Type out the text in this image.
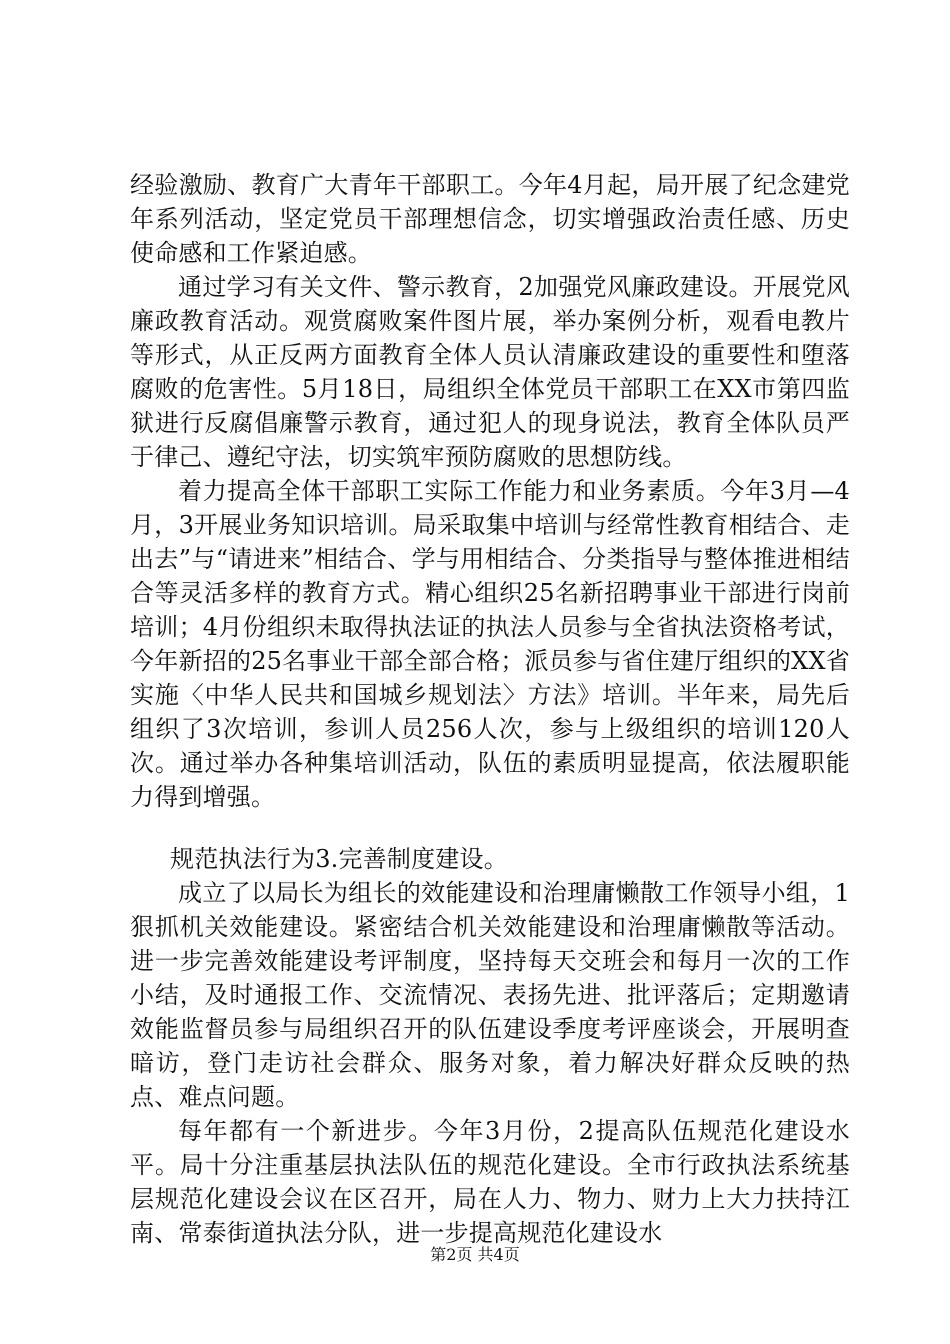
经验激励、教育广大青年干部职工。今年4月起，局开展了纪念建党年系列活动，坚定党员干部理想信念，切实增强政治责任感、历史使命感和工作紧迫感。

通过学习有关文件、警示教育，2加强党风廉政建设。开展党风廉政教育活动。观赏腐败案件图片展，举办案例分析，观看电教片等形式，从正反两方面教育全体人员认清廉政建设的重要性和堕落腐败的危害性。5月18日，局组织全体党员干部职工在XX市第四监狱进行反腐倡廉警示教育，通过犯人的现身说法，教育全体队员严于律己、遵纪守法，切实筑牢预防腐败的思想防线。

着力提高全体干部职工实际工作能力和业务素质。今年3月—4月，3开展业务知识培训。局采取集中培训与经常性教育相结合、走出去”与“请进来”相结合、学与用相结合、分类指导与整体推进相结合等灵活多样的教育方式。精心组织25名新招聘事业干部进行岗前培训；4月份组织未取得执法证的执法人员参与全省执法资格考试，今年新招的25名事业干部全部合格；派员参与省住建厅组织的XX省实施〈中华人民共和国城乡规划法〉方法》培训。半年来，局先后组织了3次培训，参训人员256人次，参与上级组织的培训120人次。通过举办各种集培训活动，队伍的素质明显提高，依法履职能力得到增强。

规范执法行为3.完善制度建设。

成立了以局长为组长的效能建设和治理庸懒散工作领导小组，1狠抓机关效能建设。紧密结合机关效能建设和治理庸懒散等活动。进一步完善效能建设考评制度，坚持每天交班会和每月一次的工作小结，及时通报工作、交流情况、表扬先进、批评落后；定期邀请效能监督员参与局组织召开的队伍建设季度考评座谈会，开展明查暗访，登门走访社会群众、服务对象，着力解决好群众反映的热点、难点问题。

每年都有一个新进步。今年3月份，2提高队伍规范化建设水平。局十分注重基层执法队伍的规范化建设。全市行政执法系统基层规范化建设会议在区召开，局在人力、物力、财力上大力扶持江南、常泰街道执法分队，进一步提高规范化建设水

第2页 共4页
